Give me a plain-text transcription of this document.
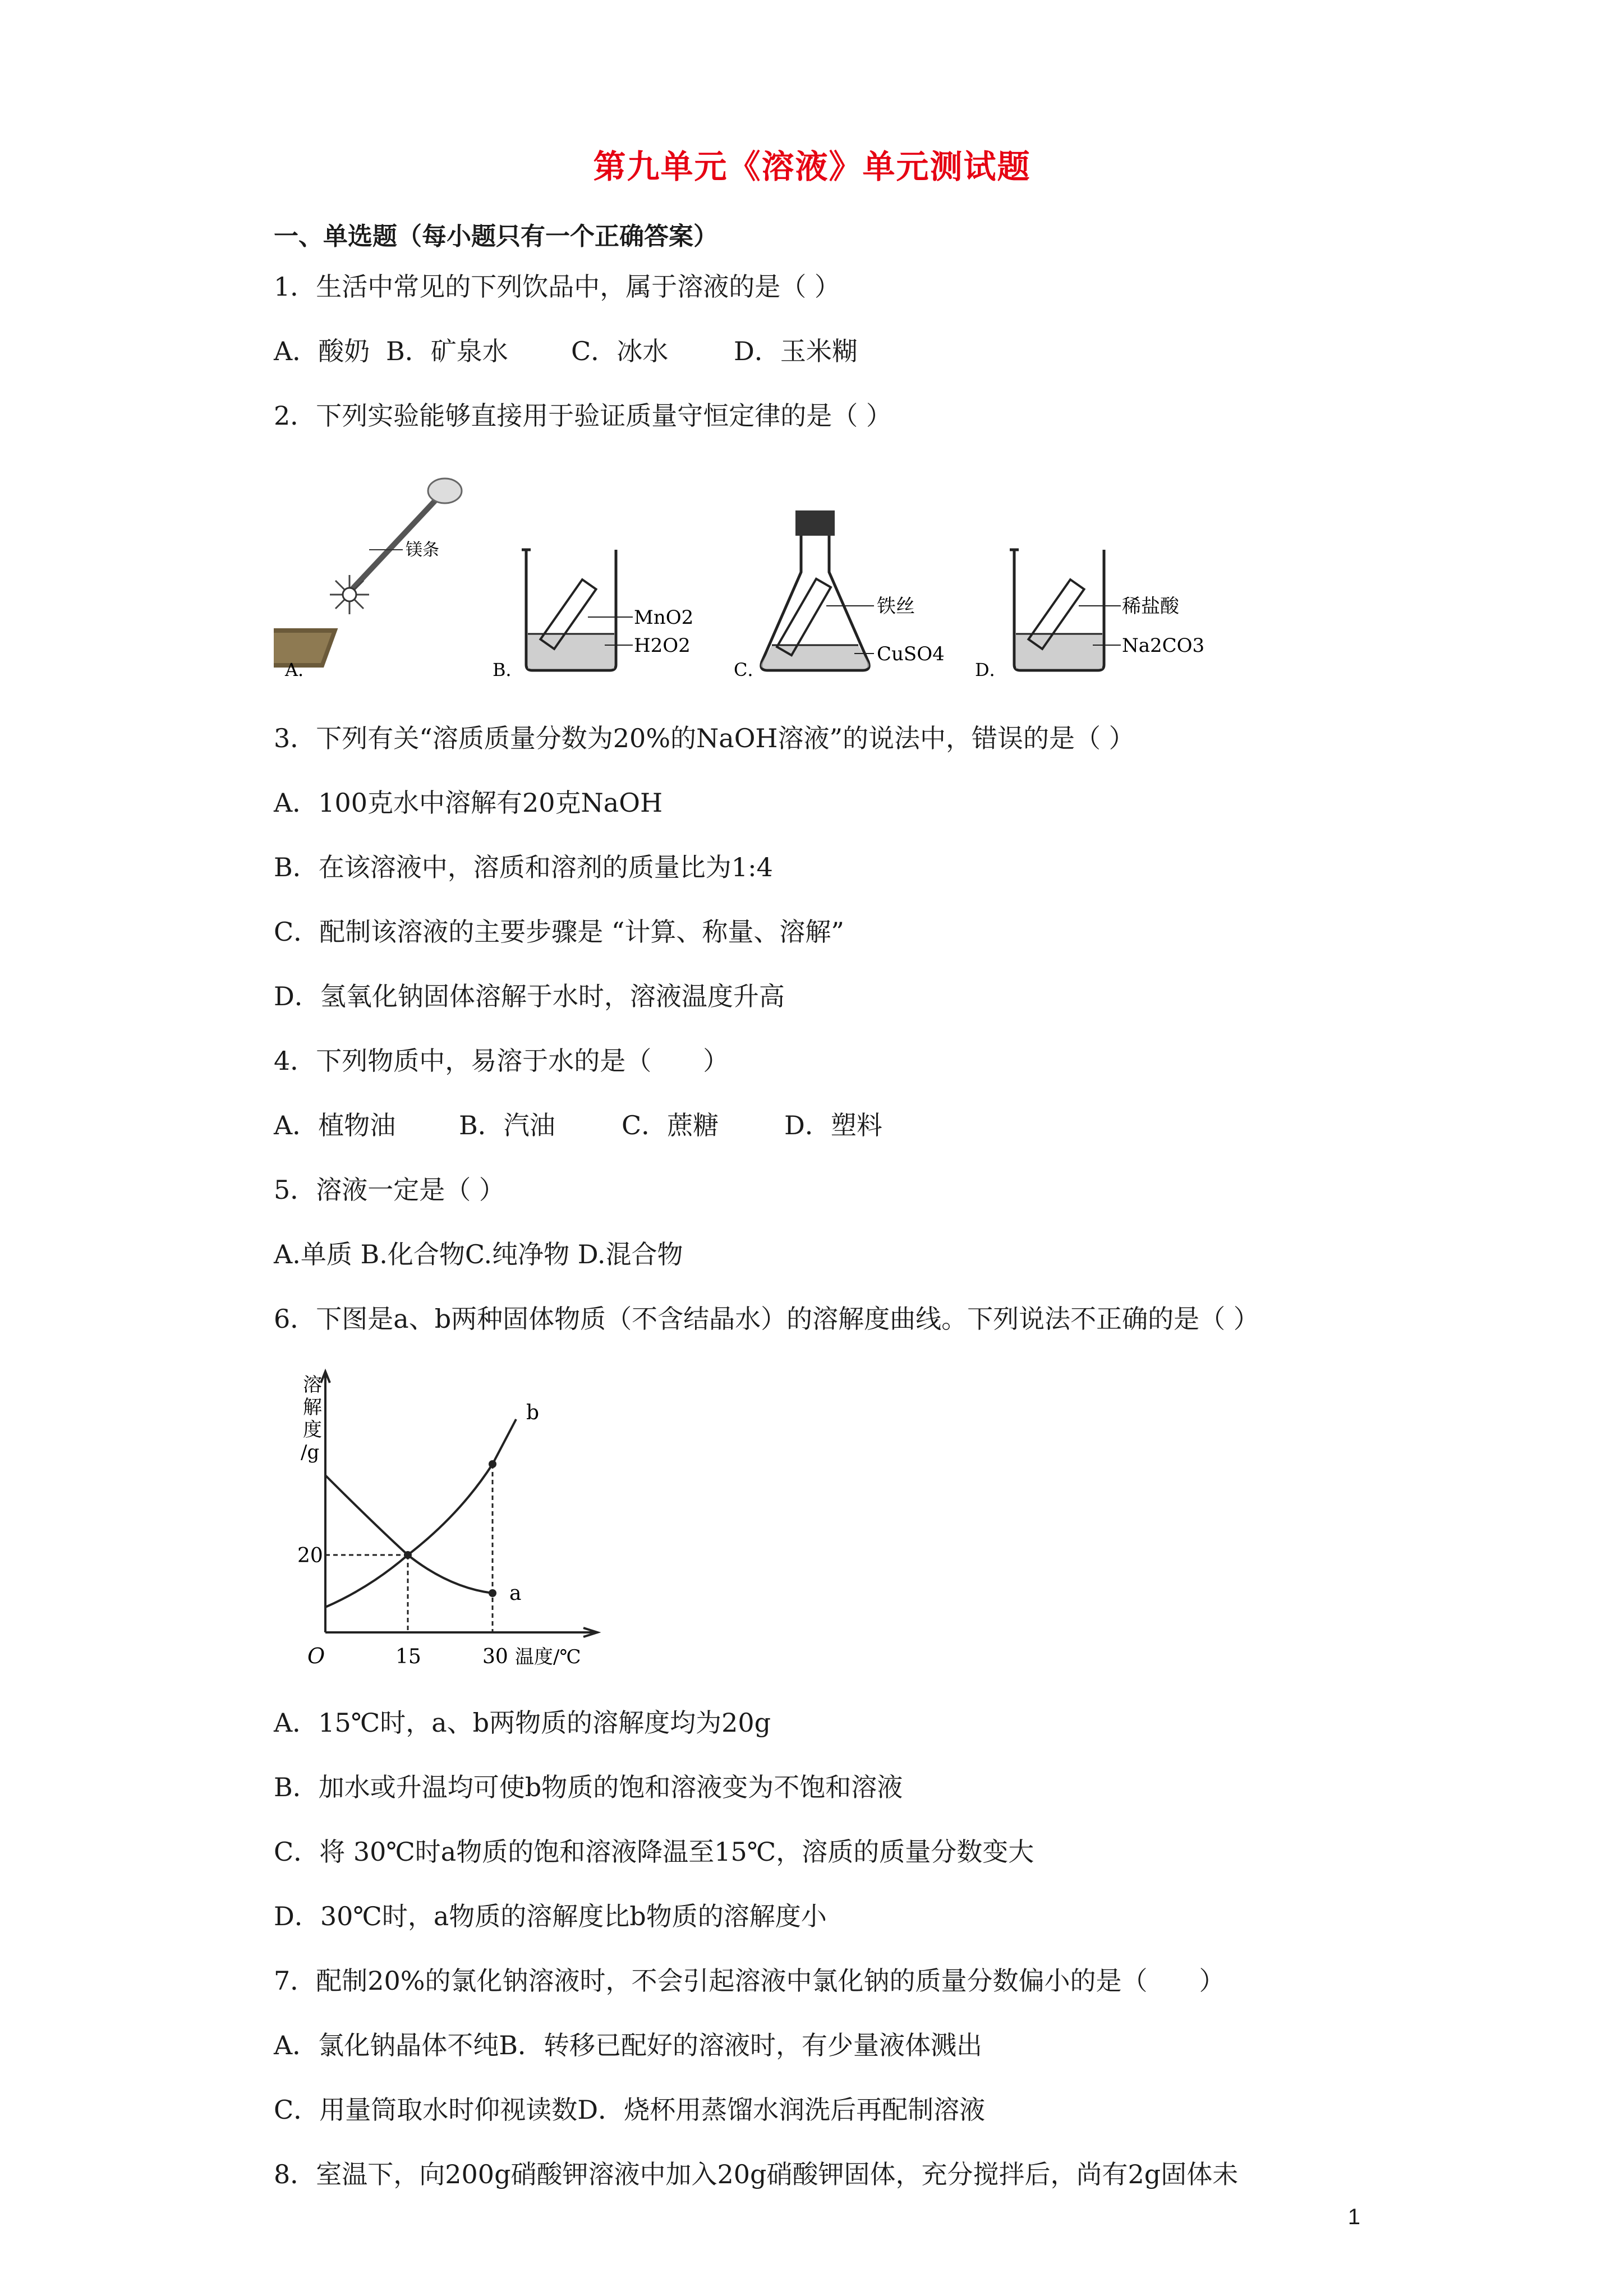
第九单元《溶液》单元测试题
一、单选题（每小题只有一个正确答案）
1．生活中常见的下列饮品中，属于溶液的是（ ）
A．酸奶 B．矿泉水 C．冰水	D．玉米糊
2．下列实验能够直接用于验证质量守恒定律的是（ ）
镁条
A．
MnO2
H2O2
B．
铁丝
CuSO4
C．
稀盐酸
Na2CO3
D．
3．下列有关“溶质质量分数为20%的NaOH溶液”的说法中，错误的是（ ）
A．100克水中溶解有20克NaOH
B．在该溶液中，溶质和溶剂的质量比为1:4
C．配制该溶液的主要步骤是 “计算、称量、溶解”
D．氢氧化钠固体溶解于水时，溶液温度升高
4．下列物质中，易溶于水的是（　　）
A．植物油 B．汽油	C．蔗糖	D．塑料
5．溶液一定是（ ）
A.单质 B.化合物C.纯净物 D.混合物
6．下图是a、b两种固体物质（不含结晶水）的溶解度曲线。下列说法不正确的是（ ）
溶
解
度
/g
20
O	15	30 温度/℃
a
b
A．15℃时，a、b两物质的溶解度均为20g
B．加水或升温均可使b物质的饱和溶液变为不饱和溶液
C．将 30℃时a物质的饱和溶液降温至15℃，溶质的质量分数变大
D．30℃时，a物质的溶解度比b物质的溶解度小
7．配制20%的氯化钠溶液时，不会引起溶液中氯化钠的质量分数偏小的是（　　）
A．氯化钠晶体不纯B．转移已配好的溶液时，有少量液体溅出
C．用量筒取水时仰视读数D．烧杯用蒸馏水润洗后再配制溶液
8．室温下，向200g硝酸钾溶液中加入20g硝酸钾固体，充分搅拌后，尚有2g固体未
1
